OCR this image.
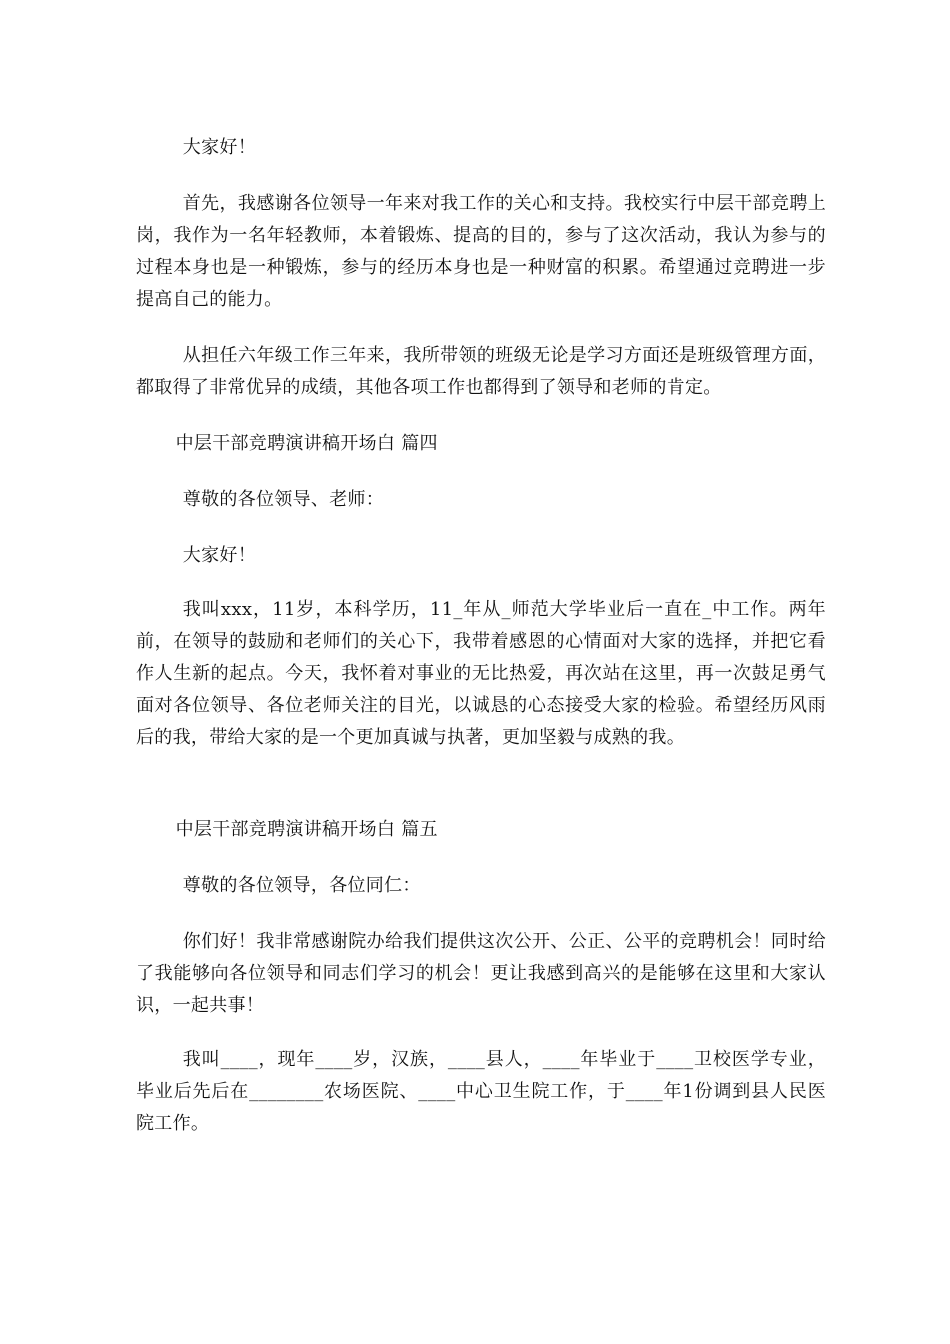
大家好！

首先，我感谢各位领导一年来对我工作的关心和支持。我校实行中层干部竞聘上岗，我作为一名年轻教师，本着锻炼、提高的目的，参与了这次活动，我认为参与的过程本身也是一种锻炼，参与的经历本身也是一种财富的积累。希望通过竞聘进一步提高自己的能力。

从担任六年级工作三年来，我所带领的班级无论是学习方面还是班级管理方面，都取得了非常优异的成绩，其他各项工作也都得到了领导和老师的肯定。

中层干部竞聘演讲稿开场白 篇四

尊敬的各位领导、老师：

大家好！

我叫xxx，11岁，本科学历，11_年从_师范大学毕业后一直在_中工作。两年前，在领导的鼓励和老师们的关心下，我带着感恩的心情面对大家的选择，并把它看作人生新的起点。今天，我怀着对事业的无比热爱，再次站在这里，再一次鼓足勇气面对各位领导、各位老师关注的目光，以诚恳的心态接受大家的检验。希望经历风雨后的我，带给大家的是一个更加真诚与执著，更加坚毅与成熟的我。

中层干部竞聘演讲稿开场白 篇五

尊敬的各位领导，各位同仁：

你们好！我非常感谢院办给我们提供这次公开、公正、公平的竞聘机会！同时给了我能够向各位领导和同志们学习的机会！更让我感到高兴的是能够在这里和大家认识，一起共事！

我叫____，现年____岁，汉族，____县人，____年毕业于____卫校医学专业，毕业后先后在________农场医院、____中心卫生院工作，于____年1份调到县人民医院工作。
